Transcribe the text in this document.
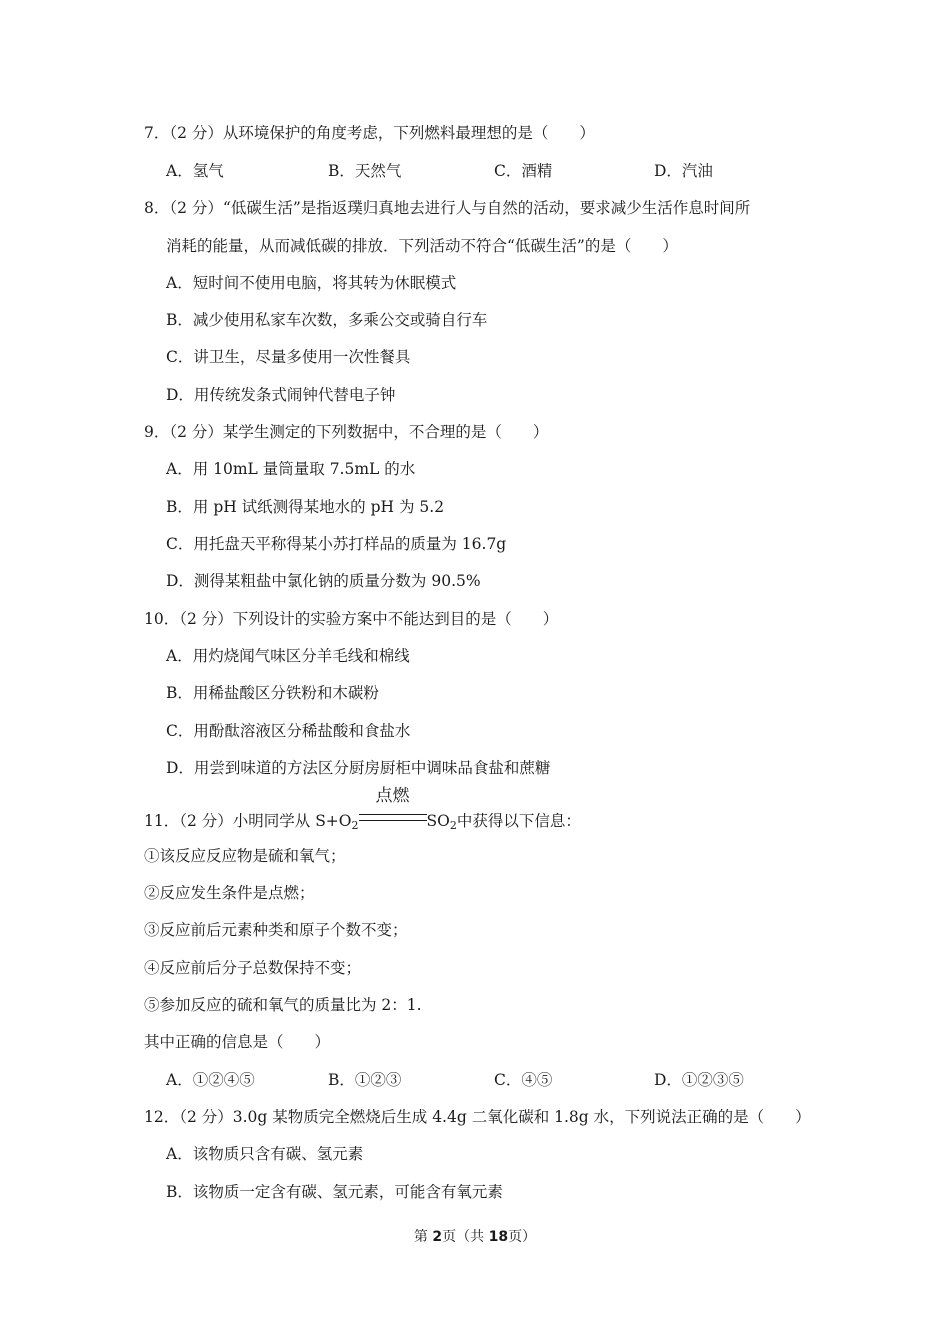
7．（2 分）从环境保护的角度考虑，下列燃料最理想的是（　　）
A．氢气	B．天然气	C．酒精	D．汽油
8．（2 分）“低碳生活”是指返璞归真地去进行人与自然的活动，要求减少生活作息时间所
消耗的能量，从而减低碳的排放．下列活动不符合“低碳生活”的是（　　）
A．短时间不使用电脑，将其转为休眠模式
B．减少使用私家车次数，多乘公交或骑自行车
C．讲卫生，尽量多使用一次性餐具
D．用传统发条式闹钟代替电子钟
9．（2 分）某学生测定的下列数据中，不合理的是（　　）
A．用 10mL 量筒量取 7.5mL 的水
B．用 pH 试纸测得某地水的 pH 为 5.2
C．用托盘天平称得某小苏打样品的质量为 16.7g
D．测得某粗盐中氯化钠的质量分数为 90.5%
10．（2 分）下列设计的实验方案中不能达到目的是（　　）
A．用灼烧闻气味区分羊毛线和棉线
B．用稀盐酸区分铁粉和木碳粉
C．用酚酞溶液区分稀盐酸和食盐水
D．用尝到味道的方法区分厨房厨柜中调味品食盐和蔗糖
11．（2 分）小明同学从 $S+O_2$
点燃
$SO_2$中获得以下信息：
①该反应反应物是硫和氧气；
②反应发生条件是点燃；
③反应前后元素种类和原子个数不变；
④反应前后分子总数保持不变；
⑤参加反应的硫和氧气的质量比为 2：1.
其中正确的信息是（　　）
A．①②④⑤	B．①②③	C．④⑤	D．①②③⑤
12．（2 分）3.0g 某物质完全燃烧后生成 4.4g 二氧化碳和 1.8g 水，下列说法正确的是（　　）
A．该物质只含有碳、氢元素
B．该物质一定含有碳、氢元素，可能含有氧元素
第 2页（共 18页）
